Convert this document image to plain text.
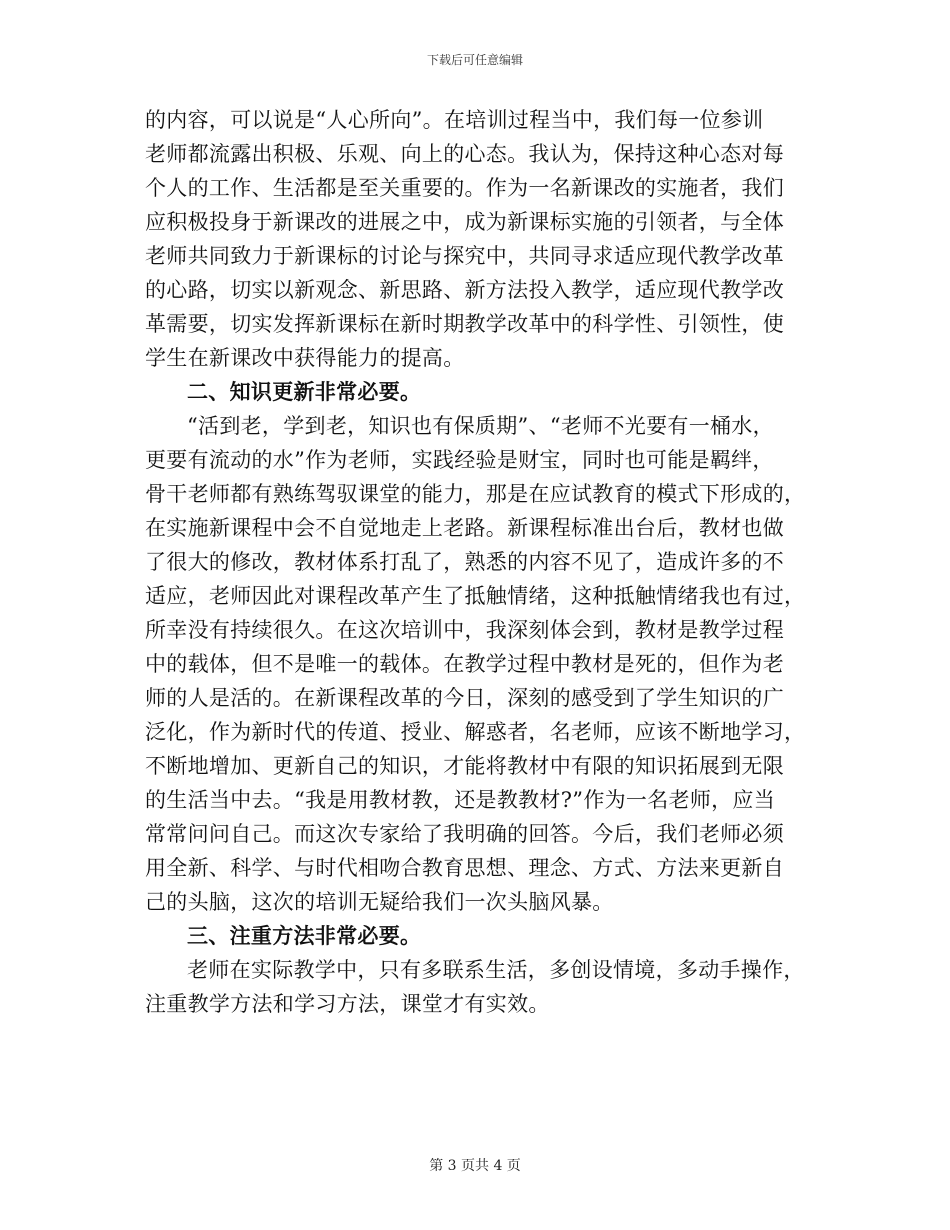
下载后可任意编辑
的内容，可以说是“人心所向”。在培训过程当中，我们每一位参训
老师都流露出积极、乐观、向上的心态。我认为，保持这种心态对每
个人的工作、生活都是至关重要的。作为一名新课改的实施者，我们
应积极投身于新课改的进展之中，成为新课标实施的引领者，与全体
老师共同致力于新课标的讨论与探究中，共同寻求适应现代教学改革
的心路，切实以新观念、新思路、新方法投入教学，适应现代教学改
革需要，切实发挥新课标在新时期教学改革中的科学性、引领性，使
学生在新课改中获得能力的提高。
二、知识更新非常必要。
“活到老，学到老，知识也有保质期”、“老师不光要有一桶水，
更要有流动的水”作为老师，实践经验是财宝，同时也可能是羁绊，
骨干老师都有熟练驾驭课堂的能力，那是在应试教育的模式下形成的，
在实施新课程中会不自觉地走上老路。新课程标准出台后，教材也做
了很大的修改，教材体系打乱了，熟悉的内容不见了，造成许多的不
适应，老师因此对课程改革产生了抵触情绪，这种抵触情绪我也有过，
所幸没有持续很久。在这次培训中，我深刻体会到，教材是教学过程
中的载体，但不是唯一的载体。在教学过程中教材是死的，但作为老
师的人是活的。在新课程改革的今日，深刻的感受到了学生知识的广
泛化，作为新时代的传道、授业、解惑者，名老师，应该不断地学习，
不断地增加、更新自己的知识，才能将教材中有限的知识拓展到无限
的生活当中去。“我是用教材教，还是教教材?”作为一名老师，应当
常常问问自己。而这次专家给了我明确的回答。今后，我们老师必须
用全新、科学、与时代相吻合教育思想、理念、方式、方法来更新自
己的头脑，这次的培训无疑给我们一次头脑风暴。
三、注重方法非常必要。
老师在实际教学中，只有多联系生活，多创设情境，多动手操作，
注重教学方法和学习方法，课堂才有实效。
第 3 页共 4 页
